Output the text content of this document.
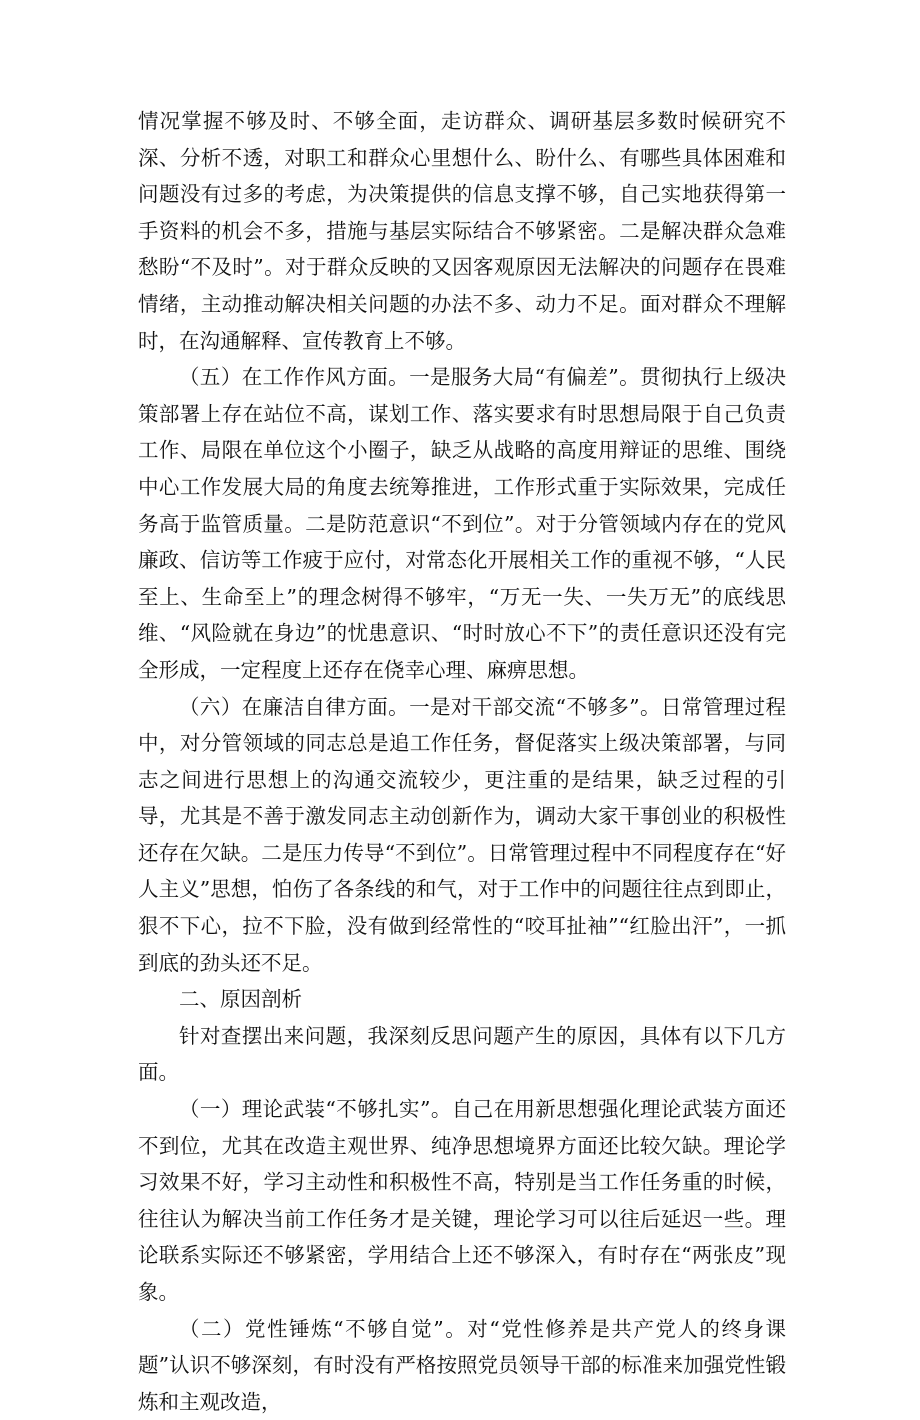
情况掌握不够及时、不够全面，走访群众、调研基层多数时候研究不深、分析不透，对职工和群众心里想什么、盼什么、有哪些具体困难和问题没有过多的考虑，为决策提供的信息支撑不够，自己实地获得第一手资料的机会不多，措施与基层实际结合不够紧密。二是解决群众急难愁盼“不及时”。对于群众反映的又因客观原因无法解决的问题存在畏难情绪，主动推动解决相关问题的办法不多、动力不足。面对群众不理解时，在沟通解释、宣传教育上不够。

（五）在工作作风方面。一是服务大局“有偏差”。贯彻执行上级决策部署上存在站位不高，谋划工作、落实要求有时思想局限于自己负责工作、局限在单位这个小圈子，缺乏从战略的高度用辩证的思维、围绕中心工作发展大局的角度去统筹推进，工作形式重于实际效果，完成任务高于监管质量。二是防范意识“不到位”。对于分管领域内存在的党风廉政、信访等工作疲于应付，对常态化开展相关工作的重视不够，“人民至上、生命至上”的理念树得不够牢，“万无一失、一失万无”的底线思维、“风险就在身边”的忧患意识、“时时放心不下”的责任意识还没有完全形成，一定程度上还存在侥幸心理、麻痹思想。

（六）在廉洁自律方面。一是对干部交流“不够多”。日常管理过程中，对分管领域的同志总是追工作任务，督促落实上级决策部署，与同志之间进行思想上的沟通交流较少，更注重的是结果，缺乏过程的引导，尤其是不善于激发同志主动创新作为，调动大家干事创业的积极性还存在欠缺。二是压力传导“不到位”。日常管理过程中不同程度存在“好人主义”思想，怕伤了各条线的和气，对于工作中的问题往往点到即止，狠不下心，拉不下脸，没有做到经常性的“咬耳扯袖”“红脸出汗”，一抓到底的劲头还不足。

二、原因剖析

针对查摆出来问题，我深刻反思问题产生的原因，具体有以下几方面。

（一）理论武装“不够扎实”。自己在用新思想强化理论武装方面还不到位，尤其在改造主观世界、纯净思想境界方面还比较欠缺。理论学习效果不好，学习主动性和积极性不高，特别是当工作任务重的时候，往往认为解决当前工作任务才是关键，理论学习可以往后延迟一些。理论联系实际还不够紧密，学用结合上还不够深入，有时存在“两张皮”现象。

（二）党性锤炼“不够自觉”。对“党性修养是共产党人的终身课题”认识不够深刻，有时没有严格按照党员领导干部的标准来加强党性锻炼和主观改造，
